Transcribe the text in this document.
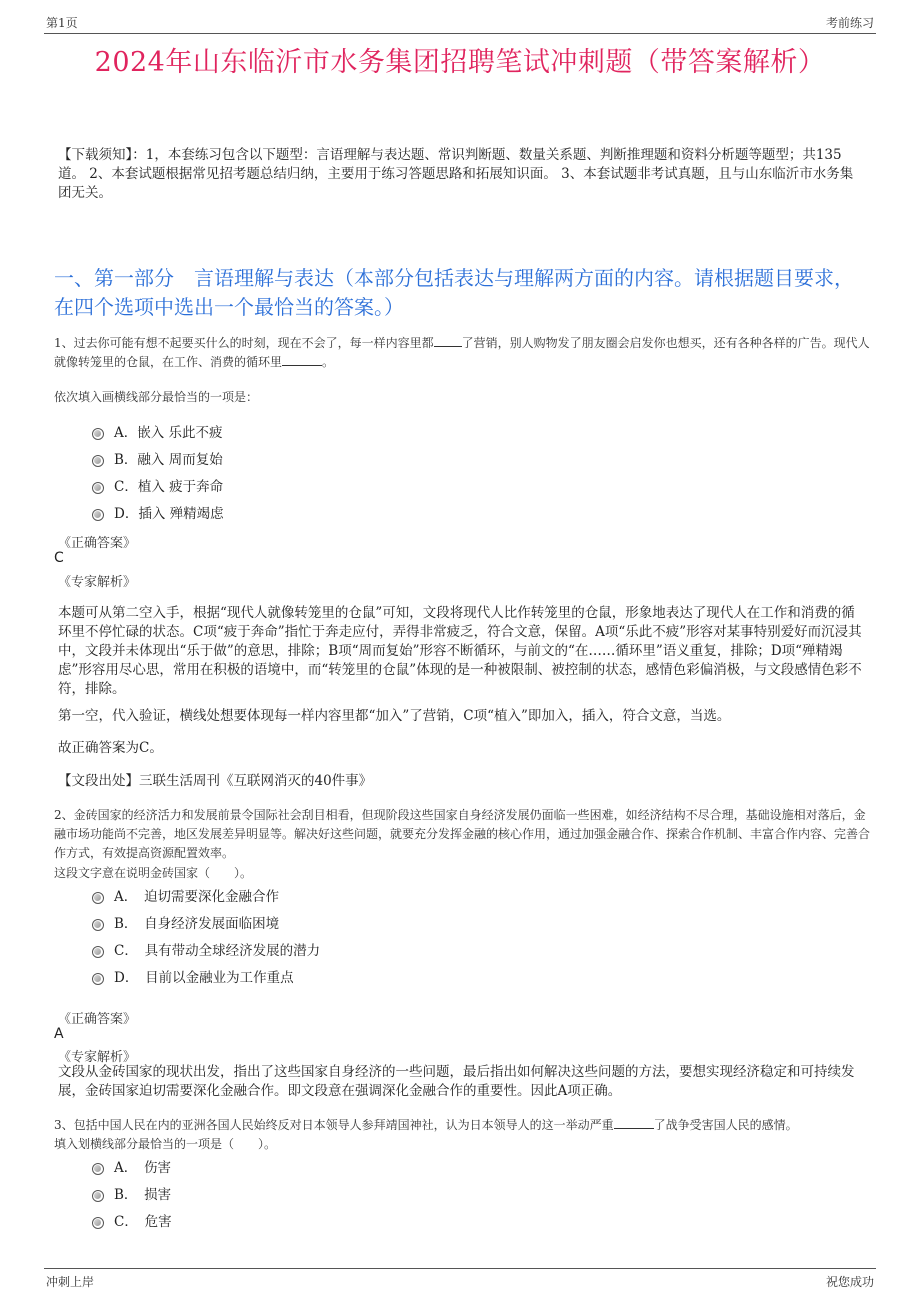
第1页	考前练习
2024年山东临沂市水务集团招聘笔试冲刺题（带答案解析）
【下载须知】：1，本套练习包含以下题型：言语理解与表达题、常识判断题、数量关系题、判断推理题和资料分析题等题型；共135道。 2、本套试题根据常见招考题总结归纳，主要用于练习答题思路和拓展知识面。 3、本套试题非考试真题，且与山东临沂市水务集团无关。
一、第一部分　言语理解与表达（本部分包括表达与理解两方面的内容。请根据题目要求，在四个选项中选出一个最恰当的答案。）
1、过去你可能有想不起要买什么的时刻，现在不会了，每一样内容里都 了营销，别人购物发了朋友圈会启发你也想买，还有各种各样的广告。现代人就像转笼里的仓鼠，在工作、消费的循环里	。
依次填入画横线部分最恰当的一项是：
A．嵌入 乐此不疲
B．融入 周而复始
C．植入 疲于奔命
D．插入 殚精竭虑
《正确答案》
C
《专家解析》
本题可从第二空入手，根据“现代人就像转笼里的仓鼠”可知，文段将现代人比作转笼里的仓鼠，形象地表达了现代人在工作和消费的循环里不停忙碌的状态。C项“疲于奔命”指忙于奔走应付，弄得非常疲乏，符合文意，保留。A项“乐此不疲”形容对某事特别爱好而沉浸其中，文段并未体现出“乐于做”的意思，排除；B项“周而复始”形容不断循环，与前文的“在……循环里”语义重复，排除；D项“殚精竭虑”形容用尽心思，常用在积极的语境中，而“转笼里的仓鼠”体现的是一种被限制、被控制的状态，感情色彩偏消极，与文段感情色彩不符，排除。
第一空，代入验证，横线处想要体现每一样内容里都“加入”了营销，C项“植入”即加入，插入，符合文意，当选。
故正确答案为C。
【文段出处】三联生活周刊《互联网消灭的40件事》
2、金砖国家的经济活力和发展前景令国际社会刮目相看，但现阶段这些国家自身经济发展仍面临一些困难，如经济结构不尽合理，基础设施相对落后，金融市场功能尚不完善，地区发展差异明显等。解决好这些问题，就要充分发挥金融的核心作用，通过加强金融合作、探索合作机制、丰富合作内容、完善合作方式，有效提高资源配置效率。
这段文字意在说明金砖国家（　　）。
A．　迫切需要深化金融合作
B．　自身经济发展面临困境
C．　具有带动全球经济发展的潜力
D．　目前以金融业为工作重点
《正确答案》
A
《专家解析》
文段从金砖国家的现状出发，指出了这些国家自身经济的一些问题，最后指出如何解决这些问题的方法，要想实现经济稳定和可持续发展，金砖国家迫切需要深化金融合作。即文段意在强调深化金融合作的重要性。因此A项正确。
3、包括中国人民在内的亚洲各国人民始终反对日本领导人参拜靖国神社，认为日本领导人的这一举动严重	了战争受害国人民的感情。
填入划横线部分最恰当的一项是（　　）。
A．　伤害
B．　损害
C．　危害
冲刺上岸	祝您成功
